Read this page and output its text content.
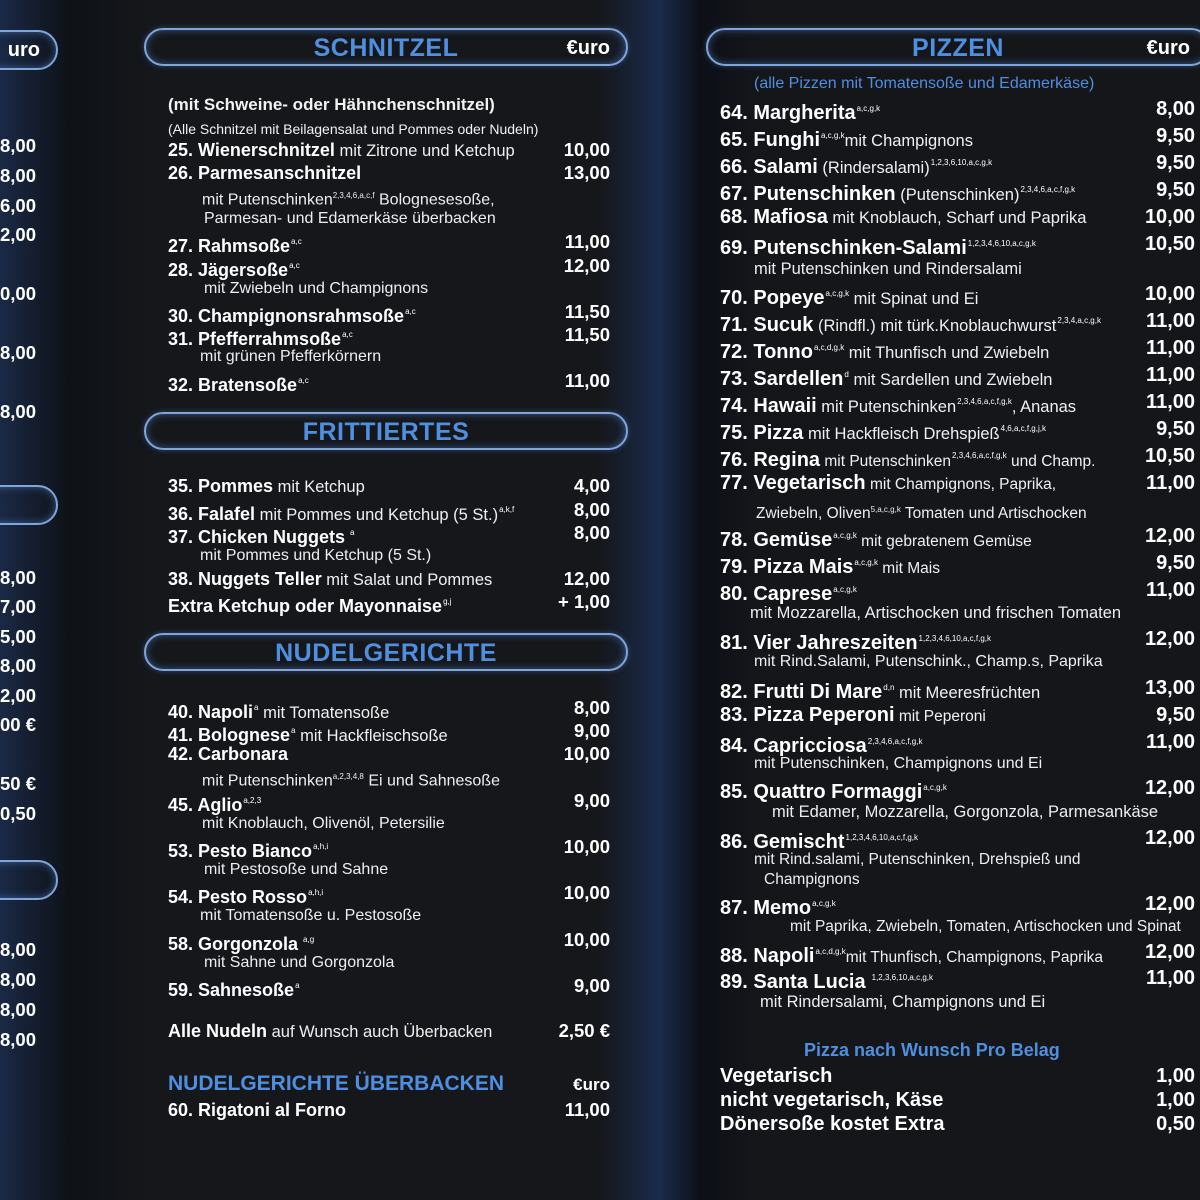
uro
8,00
8,00
6,00
2,00
0,00
8,00
8,00
8,00
7,00
5,00
8,00
2,00
00 €
50 €
0,50
8,00
8,00
8,00
8,00
SCHNITZEL	€uro
(mit Schweine- oder Hähnchenschnitzel)
(Alle Schnitzel mit Beilagensalat und Pommes oder Nudeln)
25. Wienerschnitzel mit Zitrone und Ketchup	10,00
26. Parmesanschnitzel	13,00
mit Putenschinken$^{2,3,4,6,a,c,f}$ Bolognesesoße,
Parmesan- und Edamerkäse überbacken
27. Rahmsoße$^{a,c}$	11,00
28. Jägersoße$^{a,c}$	12,00
mit Zwiebeln und Champignons
30. Champignonsrahmsoße$^{a,c}$	11,50
31. Pfefferrahmsoße$^{a,c}$	11,50
mit grünen Pfefferkörnern
32. Bratensoße$^{a,c}$	11,00
35. Pommes mit Ketchup	4,00
36. Falafel mit Pommes und Ketchup (5 St.)$^{a,k,f}$	8,00
37. Chicken Nuggets $^a$	8,00
mit Pommes und Ketchup (5 St.)
38. Nuggets Teller mit Salat und Pommes	12,00
Extra Ketchup oder Mayonnaise$^{g,j}$	+ 1,00
40. Napoli$^a$ mit Tomatensoße	8,00
41. Bolognese$^a$ mit Hackfleischsoße	9,00
42. Carbonara	10,00
mit Putenschinken$^{a,2,3,4,8}$ Ei und Sahnesoße
45. Aglio$^{a,2,3}$	9,00
mit Knoblauch, Olivenöl, Petersilie
53. Pesto Bianco$^{a,h,i}$	10,00
mit Pestosoße und Sahne
54. Pesto Rosso$^{a,h,i}$	10,00
mit Tomatensoße u. Pestosoße
58. Gorgonzola $^{a,g}$	10,00
mit Sahne und Gorgonzola
59. Sahnesoße$^a$	9,00
Alle Nudeln auf Wunsch auch Überbacken	2,50 €
NUDELGERICHTE ÜBERBACKEN	€uro
60. Rigatoni al Forno	11,00
FRITTIERTES
NUDELGERICHTE
PIZZEN	€uro
(alle Pizzen mit Tomatensoße und Edamerkäse)
64. Margherita$^{a,c,g,k}$	8,00
65. Funghi$^{a,c,g,k}$mit Champignons	9,50
66. Salami (Rindersalami)$^{1,2,3,6,10,a,c,g,k}$	9,50
67. Putenschinken (Putenschinken)$^{2,3,4,6,a,c,f,g,k}$	9,50
68. Mafiosa mit Knoblauch, Scharf und Paprika	10,00
69. Putenschinken-Salami$^{1,2,3,4,6,10,a,c,g,k}$	10,50
mit Putenschinken und Rindersalami
70. Popeye$^{a,c,g,k}$ mit Spinat und Ei	10,00
71. Sucuk (Rindfl.) mit türk.Knoblauchwurst$^{2,3,4,a,c,g,k}$ 11,00
72. Tonno$^{a,c,d,g,k}$ mit Thunfisch und Zwiebeln	11,00
73. Sardellen$^d$ mit Sardellen und Zwiebeln	11,00
74. Hawaii mit Putenschinken$^{2,3,4,6,a,c,f,g,k}$, Ananas	11,00
75. Pizza mit Hackfleisch Drehspieß$^{4,6,a,c,f,g,j,k}$	9,50
76. Regina mit Putenschinken$^{2,3,4,6,a,c,f,g,k}$ und Champ. 10,50
77. Vegetarisch mit Champignons, Paprika,	11,00
Zwiebeln, Oliven$^{5,a,c,g,k}$ Tomaten und Artischocken
78. Gemüse$^{a,c,g,k}$ mit gebratenem Gemüse	12,00
79. Pizza Mais$^{a,c,g,k}$ mit Mais	9,50
80. Caprese$^{a,c,g,k}$	11,00
mit Mozzarella, Artischocken und frischen Tomaten
81. Vier Jahreszeiten$^{1,2,3,4,6,10,a,c,f,g,k}$	12,00
mit Rind.Salami, Putenschink., Champ.s, Paprika
82. Frutti Di Mare$^{d,n}$ mit Meeresfrüchten	13,00
83. Pizza Peperoni mit Peperoni	9,50
84. Capricciosa$^{2,3,4,6,a,c,f,g,k}$	11,00
mit Putenschinken, Champignons und Ei
85. Quattro Formaggi$^{a,c,g,k}$	12,00
mit Edamer, Mozzarella, Gorgonzola, Parmesankäse
86. Gemischt$^{1,2,3,4,6,10,a,c,f,g,k}$	12,00
mit Rind.salami, Putenschinken, Drehspieß und
Champignons
87. Memo$^{a,c,g,k}$	12,00
mit Paprika, Zwiebeln, Tomaten, Artischocken und Spinat
88. Napoli$^{a,c,d,g,k}$mit Thunfisch, Champignons, Paprika 12,00
89. Santa Lucia $^{1,2,3,6,10,a,c,g,k}$	11,00
mit Rindersalami, Champignons und Ei
Pizza nach Wunsch Pro Belag
Vegetarisch	1,00
nicht vegetarisch, Käse	1,00
Dönersoße kostet Extra	0,50
